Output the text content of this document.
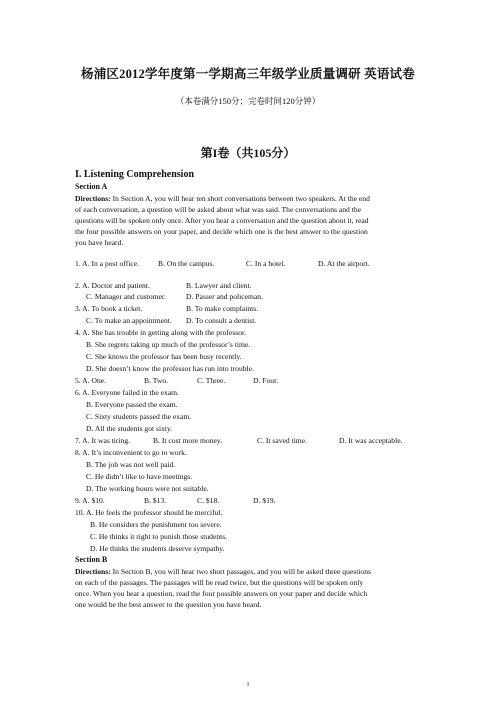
杨浦区2012学年度第一学期高三年级学业质量调研 英语试卷
（本卷满分150分；完卷时间120分钟）
第I卷（共105分）
I. Listening Comprehension
Section A
Directions: In Section A, you will hear ten short conversations between two speakers. At the end
of each conversation, a question will be asked about what was said. The conversations and the
questions will be spoken only once. After you hear a conversation and the question about it, read
the four possible answers on your paper, and decide which one is the best answer to the question
you have heard.
1. A. In a post office.	B. On the campus.	C. In a hotel.	D. At the airport.
2. A. Doctor and patient.	B. Lawyer and client.
C. Manager and customer.	D. Passer and policeman.
3. A. To book a ticket.	B. To make complaints.
C. To make an appointment. D. To consult a dentist.
4. A. She has trouble in getting along with the professor.
B. She regrets taking up much of the professor’s time.
C. She knows the professor has been busy recently.
D. She doesn’t know the professor has run into trouble.
5. A. One.	B. Two.	C. Three.	D. Four.
6. A. Everyone failed in the exam.
B. Everyone passed the exam.
C. Sixty students passed the exam.
D. All the students got sixty.
7. A. It was tiring.	B. It cost more money.	C. It saved time.	D. It was acceptable.
8. A. It’s inconvenient to go to work.
B. The job was not well paid.
C. He didn’t like to have meetings.
D. The working hours were not suitable.
9. A. $10.	B. $13.	C. $18.	D. $19.
10. A. He feels the professor should be merciful.
B. He considers the punishment too severe.
C. He thinks it right to punish those students.
D. He thinks the students deserve sympathy.
Section B
Directions: In Section B, you will hear two short passages, and you will be asked three questions
on each of the passages. The passages will be read twice, but the questions will be spoken only
once. When you hear a question, read the four possible answers on your paper and decide which
one would be the best answer to the question you have heard.
1
